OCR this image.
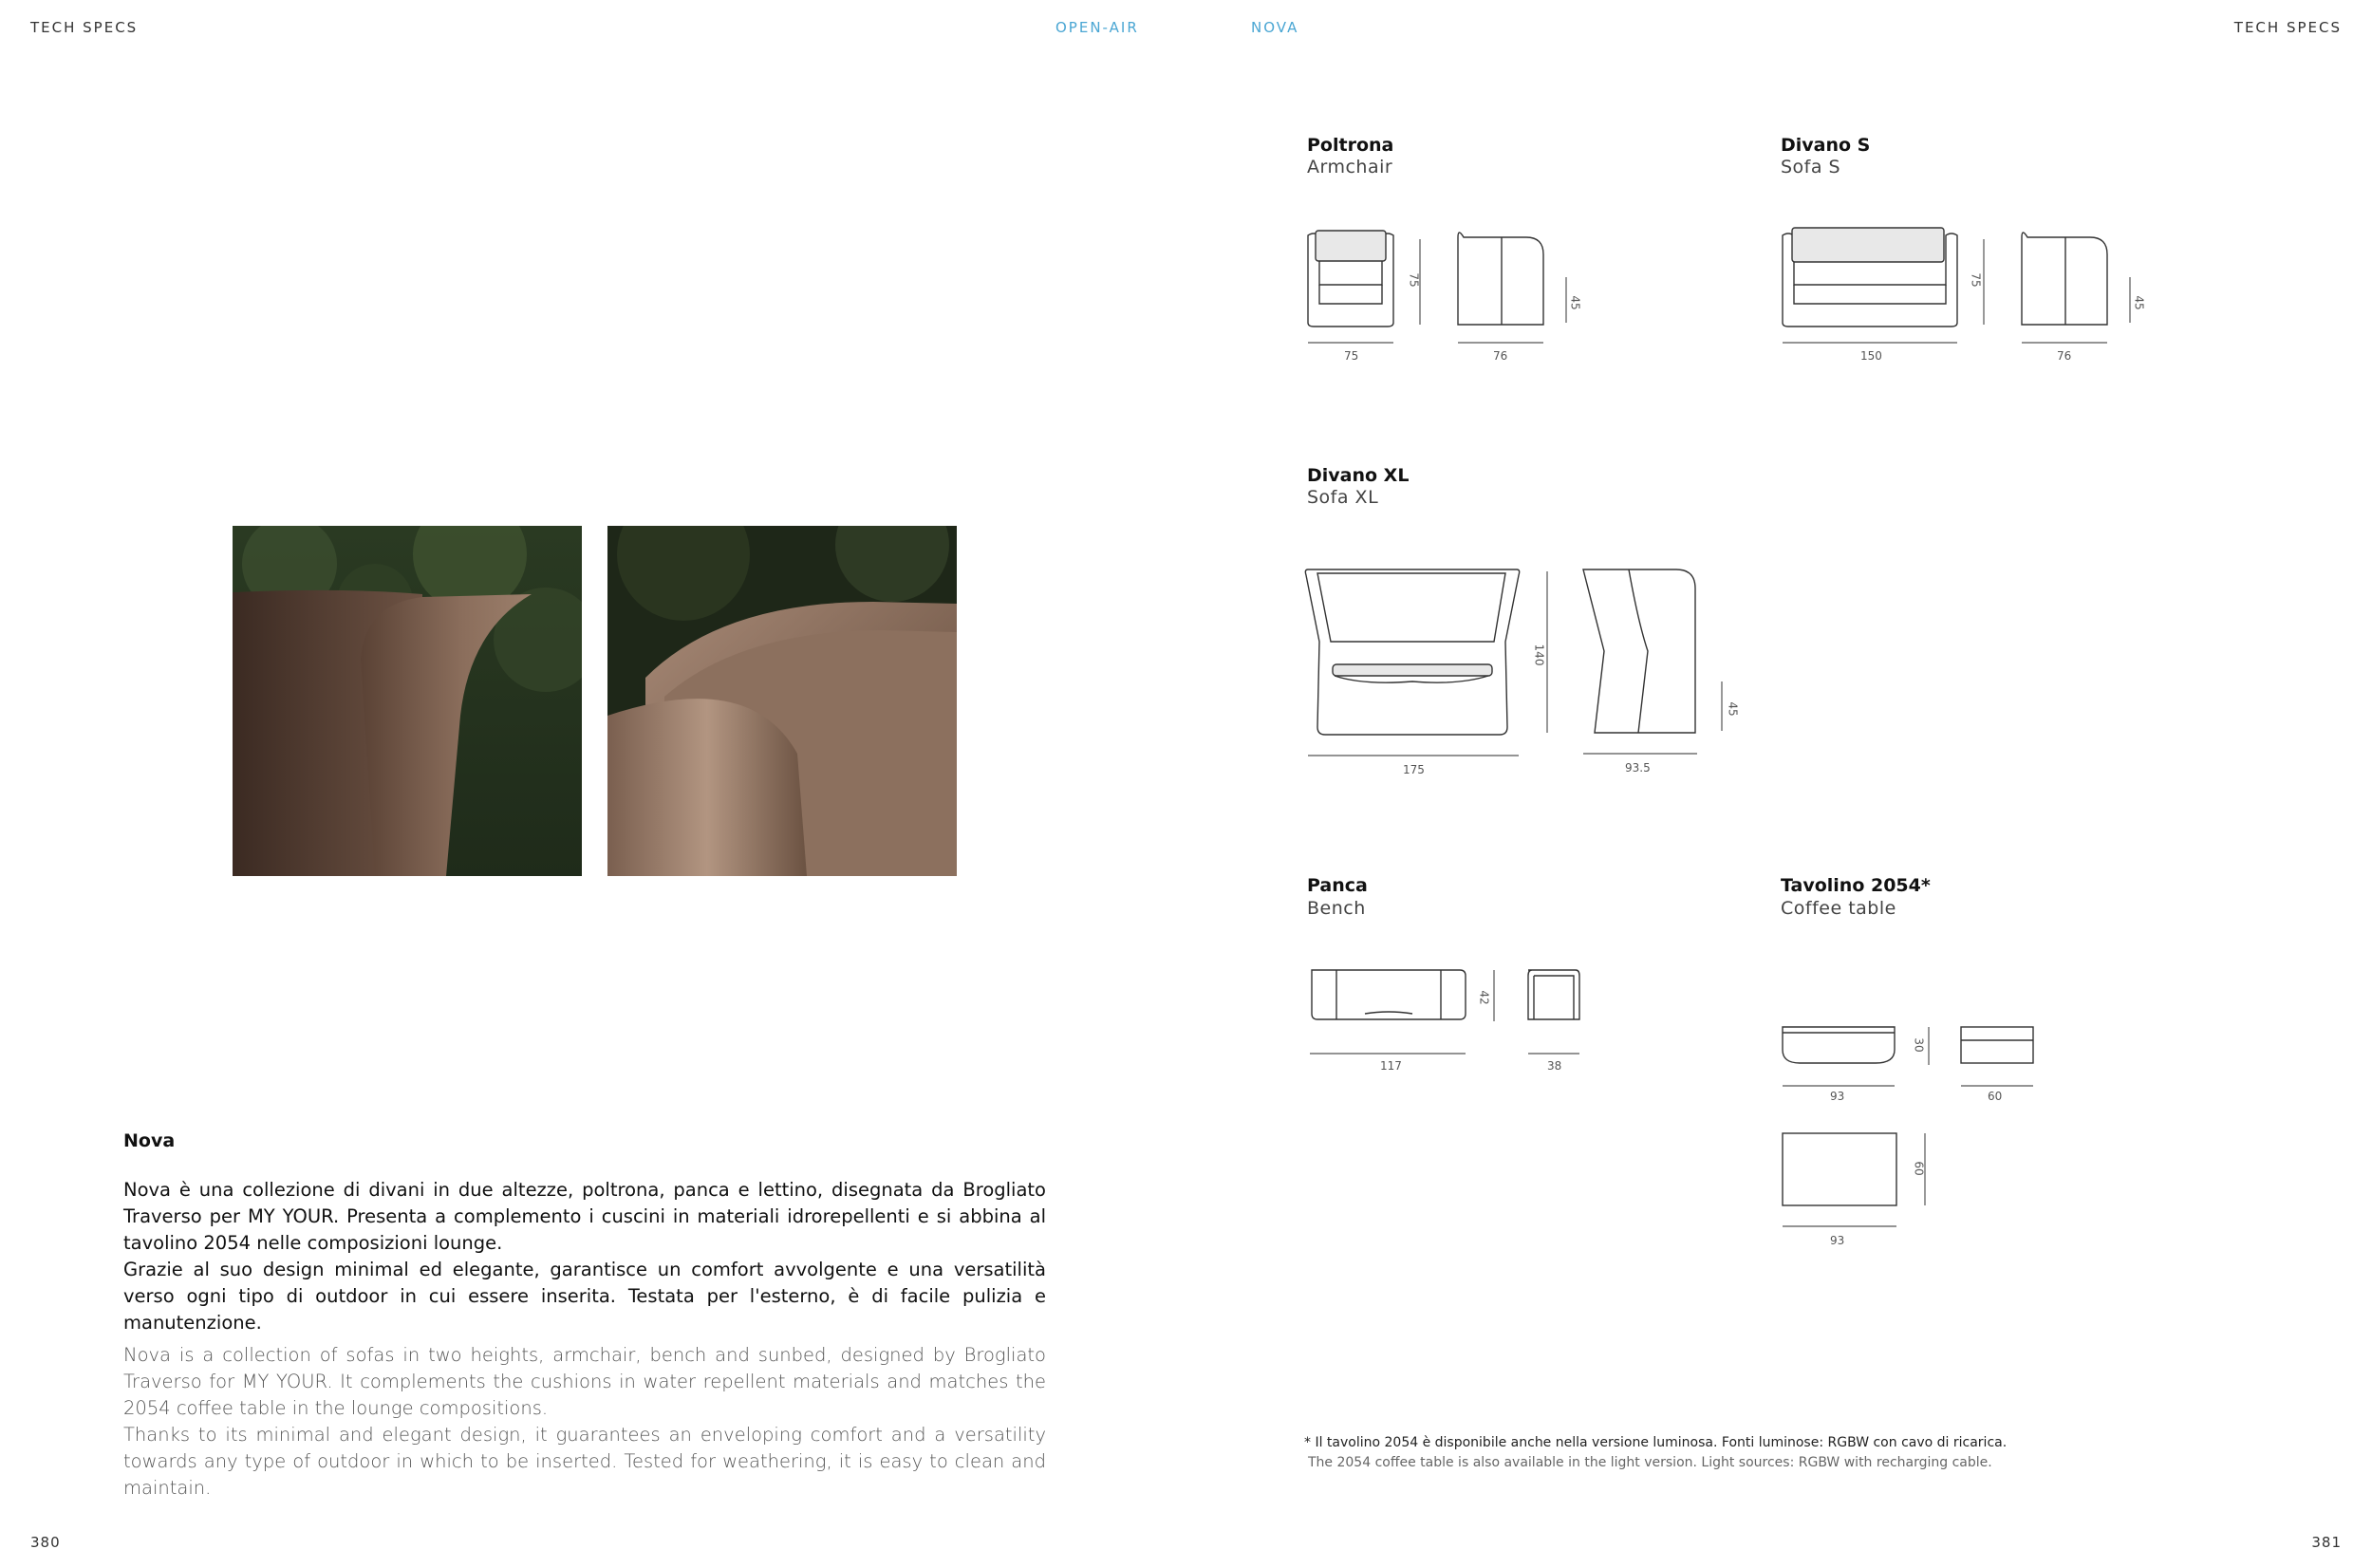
TECH SPECS	OPEN-AIR	NOVA	TECH SPECS
Poltrona
Armchair
75
75
76
45
Divano S
Sofa S
150
75
76
45
Divano XL
Sofa XL
175
140
93.5
45
Panca
Bench
117
42
38
Tavolino 2054*
Coffee table
93
30
60
93
60
Nova

Nova è una collezione di divani in due altezze, poltrona, panca e lettino, disegnata da Brogliato Traverso per MY YOUR. Presenta a complemento i cuscini in materiali idrorepellenti e si abbina al tavolino 2054 nelle composizioni lounge.

Grazie al suo design minimal ed elegante, garantisce un comfort avvolgente e una versatilità verso ogni tipo di outdoor in cui essere inserita. Testata per l'esterno, è di facile pulizia e manutenzione.

Nova is a collection of sofas in two heights, armchair, bench and sunbed, designed by Brogliato Traverso for MY YOUR. It complements the cushions in water repellent materials and matches the 2054 coffee table in the lounge compositions.

Thanks to its minimal and elegant design, it guarantees an enveloping comfort and a versatility towards any type of outdoor in which to be inserted. Tested for weathering, it is easy to clean and maintain.

* Il tavolino 2054 è disponibile anche nella versione luminosa. Fonti luminose: RGBW con cavo di ricarica.
The 2054 coffee table is also available in the light version. Light sources: RGBW with recharging cable.
380	381
